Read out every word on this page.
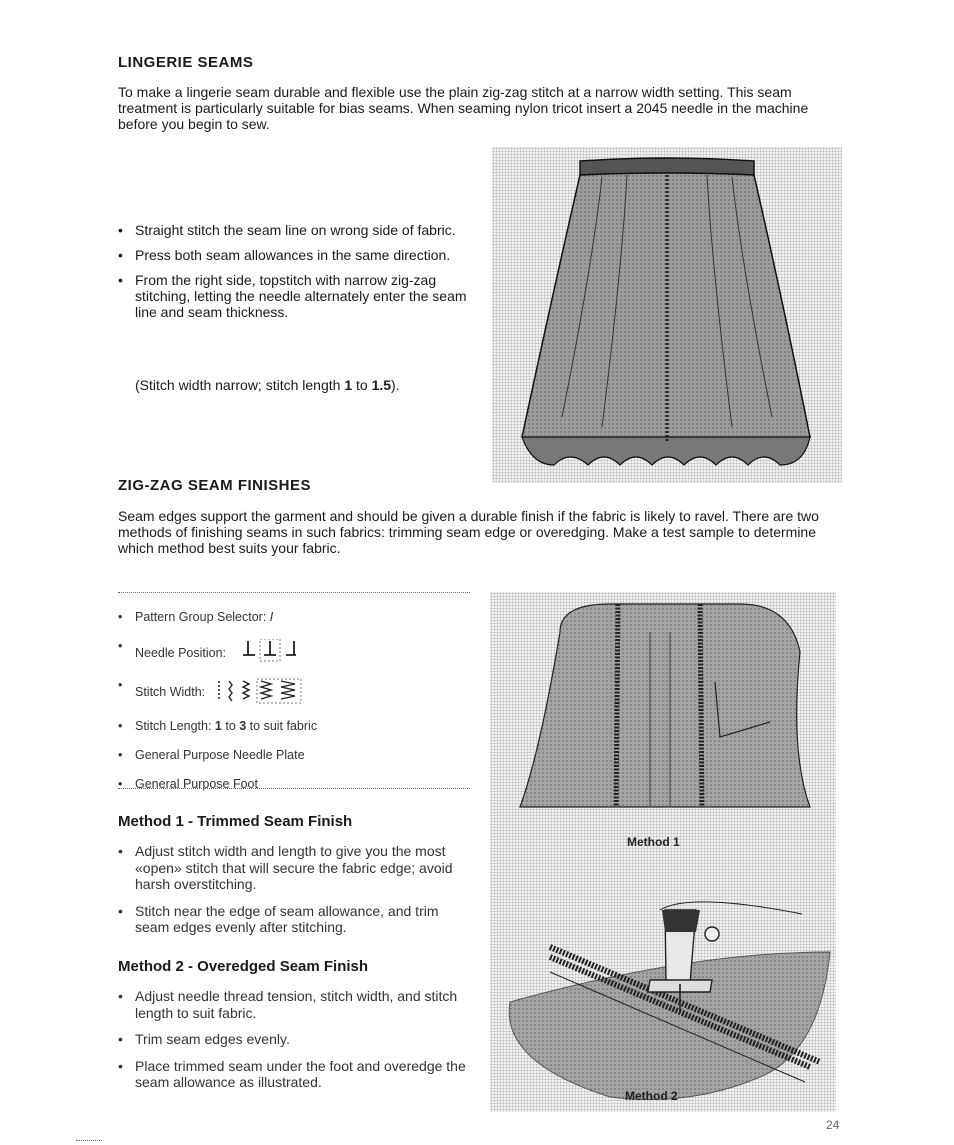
LINGERIE SEAMS
To make a lingerie seam durable and flexible use the plain zig-zag stitch at a narrow width setting. This seam treatment is particularly suitable for bias seams. When seaming nylon tricot insert a 2045 needle in the machine before you begin to sew.
• Straight stitch the seam line on wrong side of fabric.
• Press both seam allowances in the same direction.
• From the right side, topstitch with narrow zig-zag stitching, letting the needle alternately enter the seam line and seam thickness.
(Stitch width narrow; stitch length 1 to 1.5).
ZIG-ZAG SEAM FINISHES
Seam edges support the garment and should be given a durable finish if the fabric is likely to ravel. There are two methods of finishing seams in such fabrics: trimming seam edge or overedging. Make a test sample to determine which method best suits your fabric.
• Pattern Group Selector: I
• Needle Position:
• Stitch Width:
• Stitch Length: 1 to 3 to suit fabric
• General Purpose Needle Plate
• General Purpose Foot
Method 1 - Trimmed Seam Finish
• Adjust stitch width and length to give you the most «open» stitch that will secure the fabric edge; avoid harsh overstitching.
• Stitch near the edge of seam allowance, and trim seam edges evenly after stitching.
Method 2 - Overedged Seam Finish
• Adjust needle thread tension, stitch width, and stitch length to suit fabric.
• Trim seam edges evenly.
• Place trimmed seam under the foot and overedge the seam allowance as illustrated.
Method 1
Method 2
24
